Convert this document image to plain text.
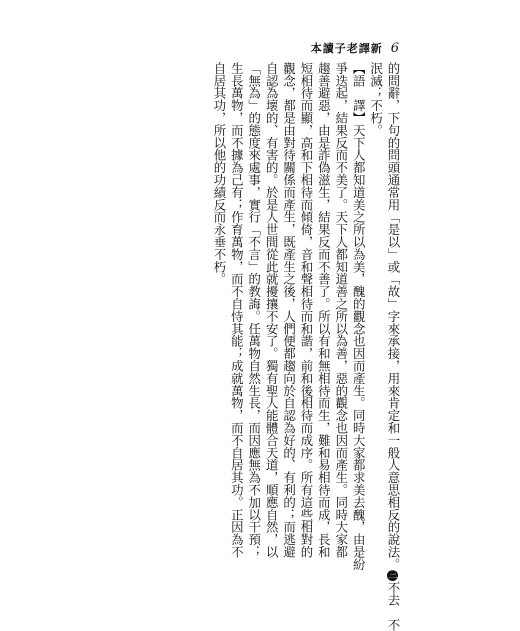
本讀子老譯新 6
的問辭，下句的問頭通常用「是以」或「故」字來承接，用來肯定和一般人意思相反的說法。三不去　不
泯滅；不朽。
【語　譯】天下人都知道美之所以為美，醜的觀念也因而產生。同時大家都求美去醜，由是紛
爭迭起，結果反而不美了。天下人都知道善之所以為善，惡的觀念也因而產生。同時大家都
趨善避惡，由是詐偽滋生，結果反而不善了。所以有和無相待而生，難和易相待而成，長和
短相待而顯，高和下相待而傾倚，音和聲相待而和諧，前和後相待而成序。所有這些相對的
觀念，都是由對待關係而產生，既產生之後，人們便都趨向於自認為好的、有利的；而逃避
自認為壞的、有害的。於是人世間從此就擾攘不安了。獨有聖人能體合天道，順應自然，以
「無為」的態度來處事，實行「不言」的教誨。任萬物自然生長，而因應無為不加以干預；
生長萬物，而不據為己有；作育萬物，而不自恃其能；成就萬物，而不自居其功。正因為不
自居其功，所以他的功績反而永垂不朽。
